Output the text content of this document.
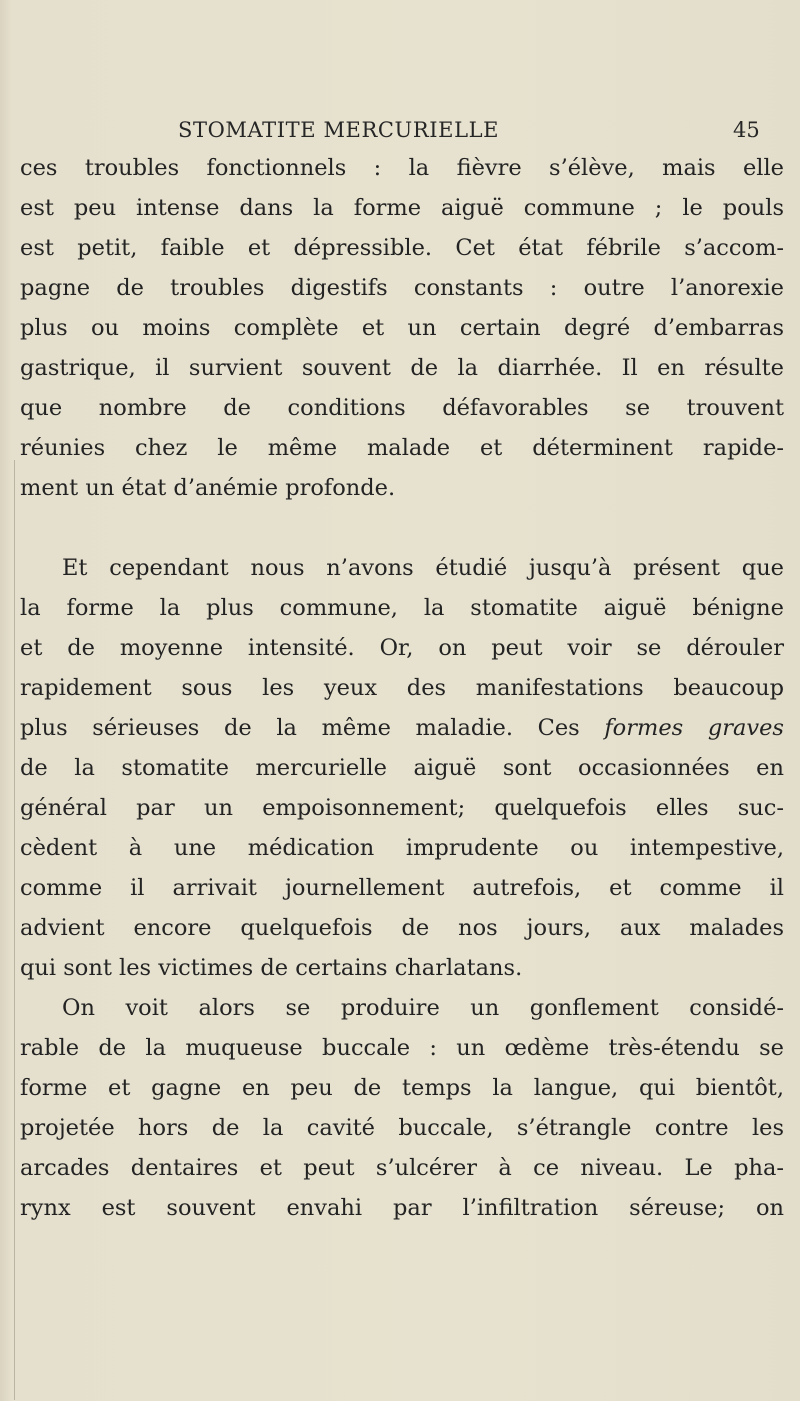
STOMATITE MERCURIELLE	45
ces troubles fonctionnels : la fièvre s’élève, mais elle
est peu intense dans la forme aiguë commune ; le pouls
est petit, faible et dépressible. Cet état fébrile s’accom-
pagne de troubles digestifs constants : outre l’anorexie
plus ou moins complète et un certain degré d’embarras
gastrique, il survient souvent de la diarrhée. Il en résulte
que nombre de conditions défavorables se trouvent
réunies chez le même malade et déterminent rapide-
ment un état d’anémie profonde.
Et cependant nous n’avons étudié jusqu’à présent que
la forme la plus commune, la stomatite aiguë bénigne
et de moyenne intensité. Or, on peut voir se dérouler
rapidement sous les yeux des manifestations beaucoup
plus sérieuses de la même maladie. Ces formes graves
de la stomatite mercurielle aiguë sont occasionnées en
général par un empoisonnement; quelquefois elles suc-
cèdent à une médication imprudente ou intempestive,
comme il arrivait journellement autrefois, et comme il
advient encore quelquefois de nos jours, aux malades
qui sont les victimes de certains charlatans.
On voit alors se produire un gonflement considé-
rable de la muqueuse buccale : un œdème très-étendu se
forme et gagne en peu de temps la langue, qui bientôt,
projetée hors de la cavité buccale, s’étrangle contre les
arcades dentaires et peut s’ulcérer à ce niveau. Le pha-
rynx est souvent envahi par l’infiltration séreuse; on
